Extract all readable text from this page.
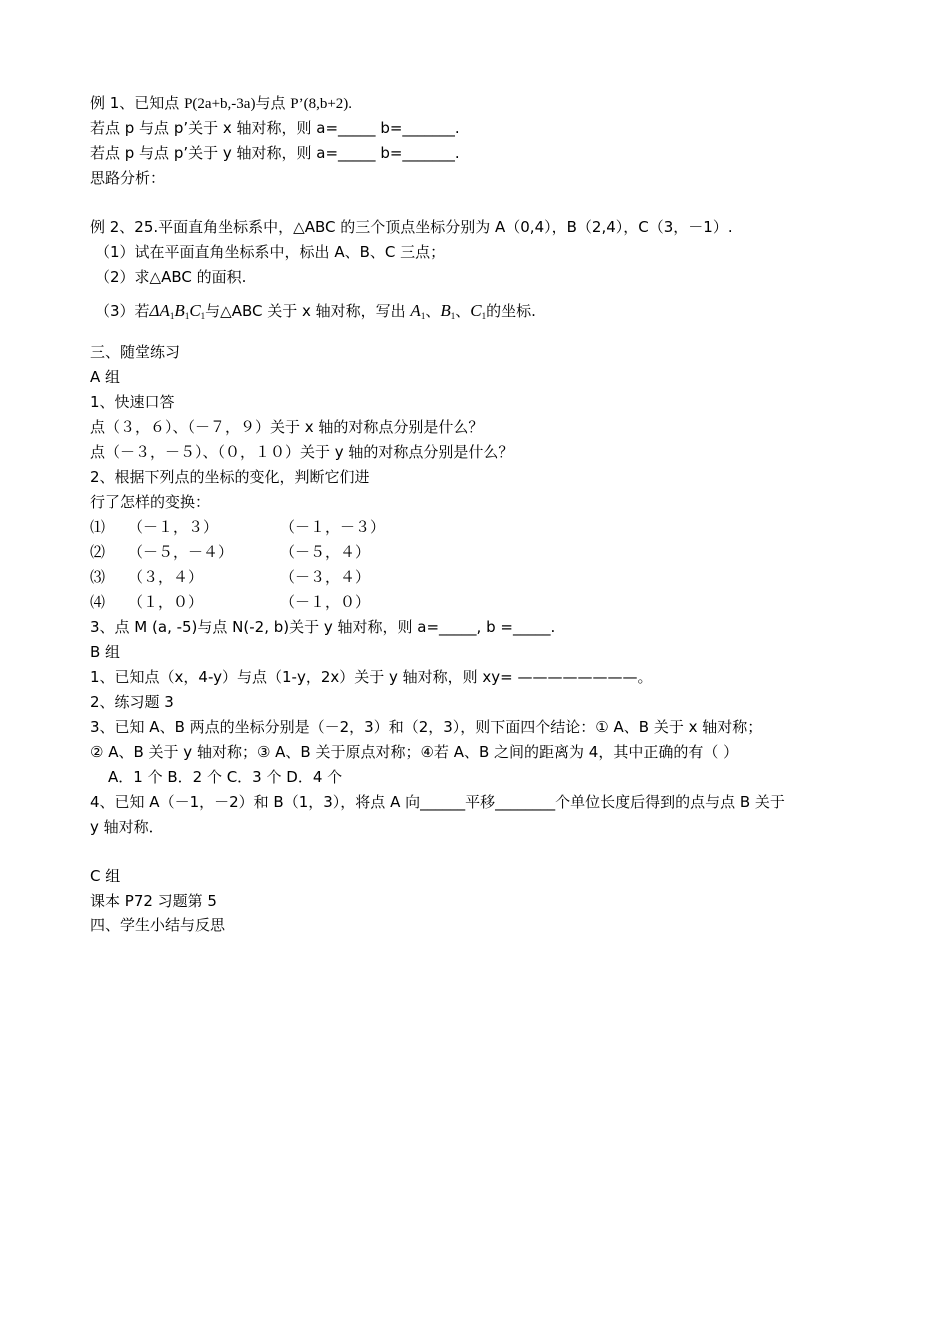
例 1、已知点 P(2a+b,-3a)与点 P’(8,b+2).
若点 p 与点 p’关于 x 轴对称，则 a=_____ b=_______.
若点 p 与点 p’关于 y 轴对称，则 a=_____ b=_______.
思路分析：
例 2、25.平面直角坐标系中，△ABC 的三个顶点坐标分别为 A（0,4），B（2,4），C（3，－1）.
（1）试在平面直角坐标系中，标出 A、B、C 三点；
（2）求△ABC 的面积.
（3）若$\Delta A_1B_1C_1$与△ABC 关于 x 轴对称，写出 $A_1$、$B_1$、$C_1$的坐标.
三、随堂练习
A 组
1、快速口答
点（３，６）、（－７，９）关于 x 轴的对称点分别是什么？
点（－３，－５）、（０，１０）关于 y 轴的对称点分别是什么？
2、根据下列点的坐标的变化，判断它们进
行了怎样的变换：
⑴ （－１，３）	（－１，－３）
⑵ （－５，－４）	（－５，４）
⑶ （３，４）	（－３，４）
⑷ （１，０）	（－１，０）
3、点 M (a, -5)与点 N(-2, b)关于 y 轴对称，则 a=_____, b =_____.
B 组
1、已知点（x，4-y）与点（1-y，2x）关于 y 轴对称，则 xy= ————————。
2、练习题 3
3、已知 A、B 两点的坐标分别是（－2，3）和（2，3），则下面四个结论：① A、B 关于 x 轴对称；
② A、B 关于 y 轴对称；③ A、B 关于原点对称；④若 A、B 之间的距离为 4，其中正确的有（ ）
A．1 个 B．2 个 C．3 个 D．4 个
4、已知 A（－1，－2）和 B（1，3），将点 A 向______平移________个单位长度后得到的点与点 B 关于
y 轴对称．
C 组
课本 P72 习题第 5
四、学生小结与反思
